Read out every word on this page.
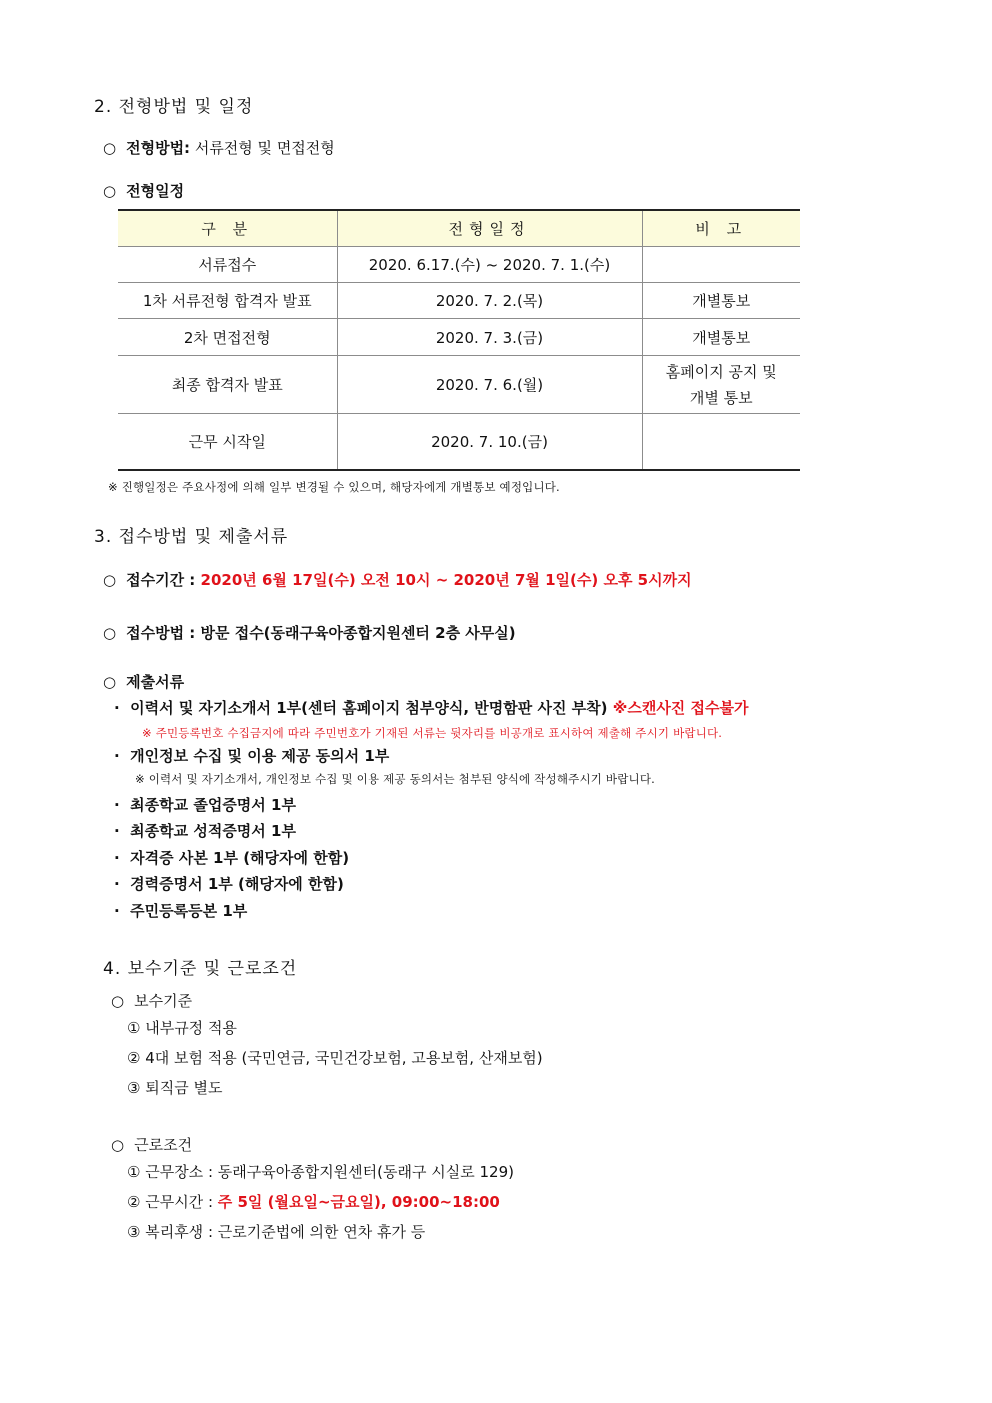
2. 전형방법 및 일정
○ 전형방법: 서류전형 및 면접전형
○ 전형일정
구 분	전형일정	비 고
서류접수	2020. 6.17.(수) ~ 2020. 7. 1.(수)	
1차 서류전형 합격자 발표	2020. 7. 2.(목)	개별통보
2차 면접전형	2020. 7. 3.(금)	개별통보
최종 합격자 발표	2020. 7. 6.(월)	홈페이지 공지 및
개별 통보

근무 시작일	2020. 7. 10.(금)	
※ 진행일정은 주요사정에 의해 일부 변경될 수 있으며, 해당자에게 개별통보 예정입니다.
3. 접수방법 및 제출서류
○ 접수기간 : 2020년 6월 17일(수) 오전 10시 ~ 2020년 7월 1일(수) 오후 5시까지
○ 접수방법 : 방문 접수(동래구육아종합지원센터 2층 사무실)
○ 제출서류
· 이력서 및 자기소개서 1부(센터 홈페이지 첨부양식, 반명함판 사진 부착) ※스캔사진 접수불가
※ 주민등록번호 수집금지에 따라 주민번호가 기재된 서류는 뒷자리를 비공개로 표시하여 제출해 주시기 바랍니다.
· 개인정보 수집 및 이용 제공 동의서 1부
※ 이력서 및 자기소개서, 개인정보 수집 및 이용 제공 동의서는 첨부된 양식에 작성해주시기 바랍니다.
· 최종학교 졸업증명서 1부
· 최종학교 성적증명서 1부
· 자격증 사본 1부 (해당자에 한함)
· 경력증명서 1부 (해당자에 한함)
· 주민등록등본 1부
4. 보수기준 및 근로조건
○ 보수기준
① 내부규정 적용
② 4대 보험 적용 (국민연금, 국민건강보험, 고용보험, 산재보험)
③ 퇴직금 별도
○ 근로조건
① 근무장소 : 동래구육아종합지원센터(동래구 시실로 129)
② 근무시간 : 주 5일 (월요일~금요일), 09:00~18:00
③ 복리후생 : 근로기준법에 의한 연차 휴가 등
